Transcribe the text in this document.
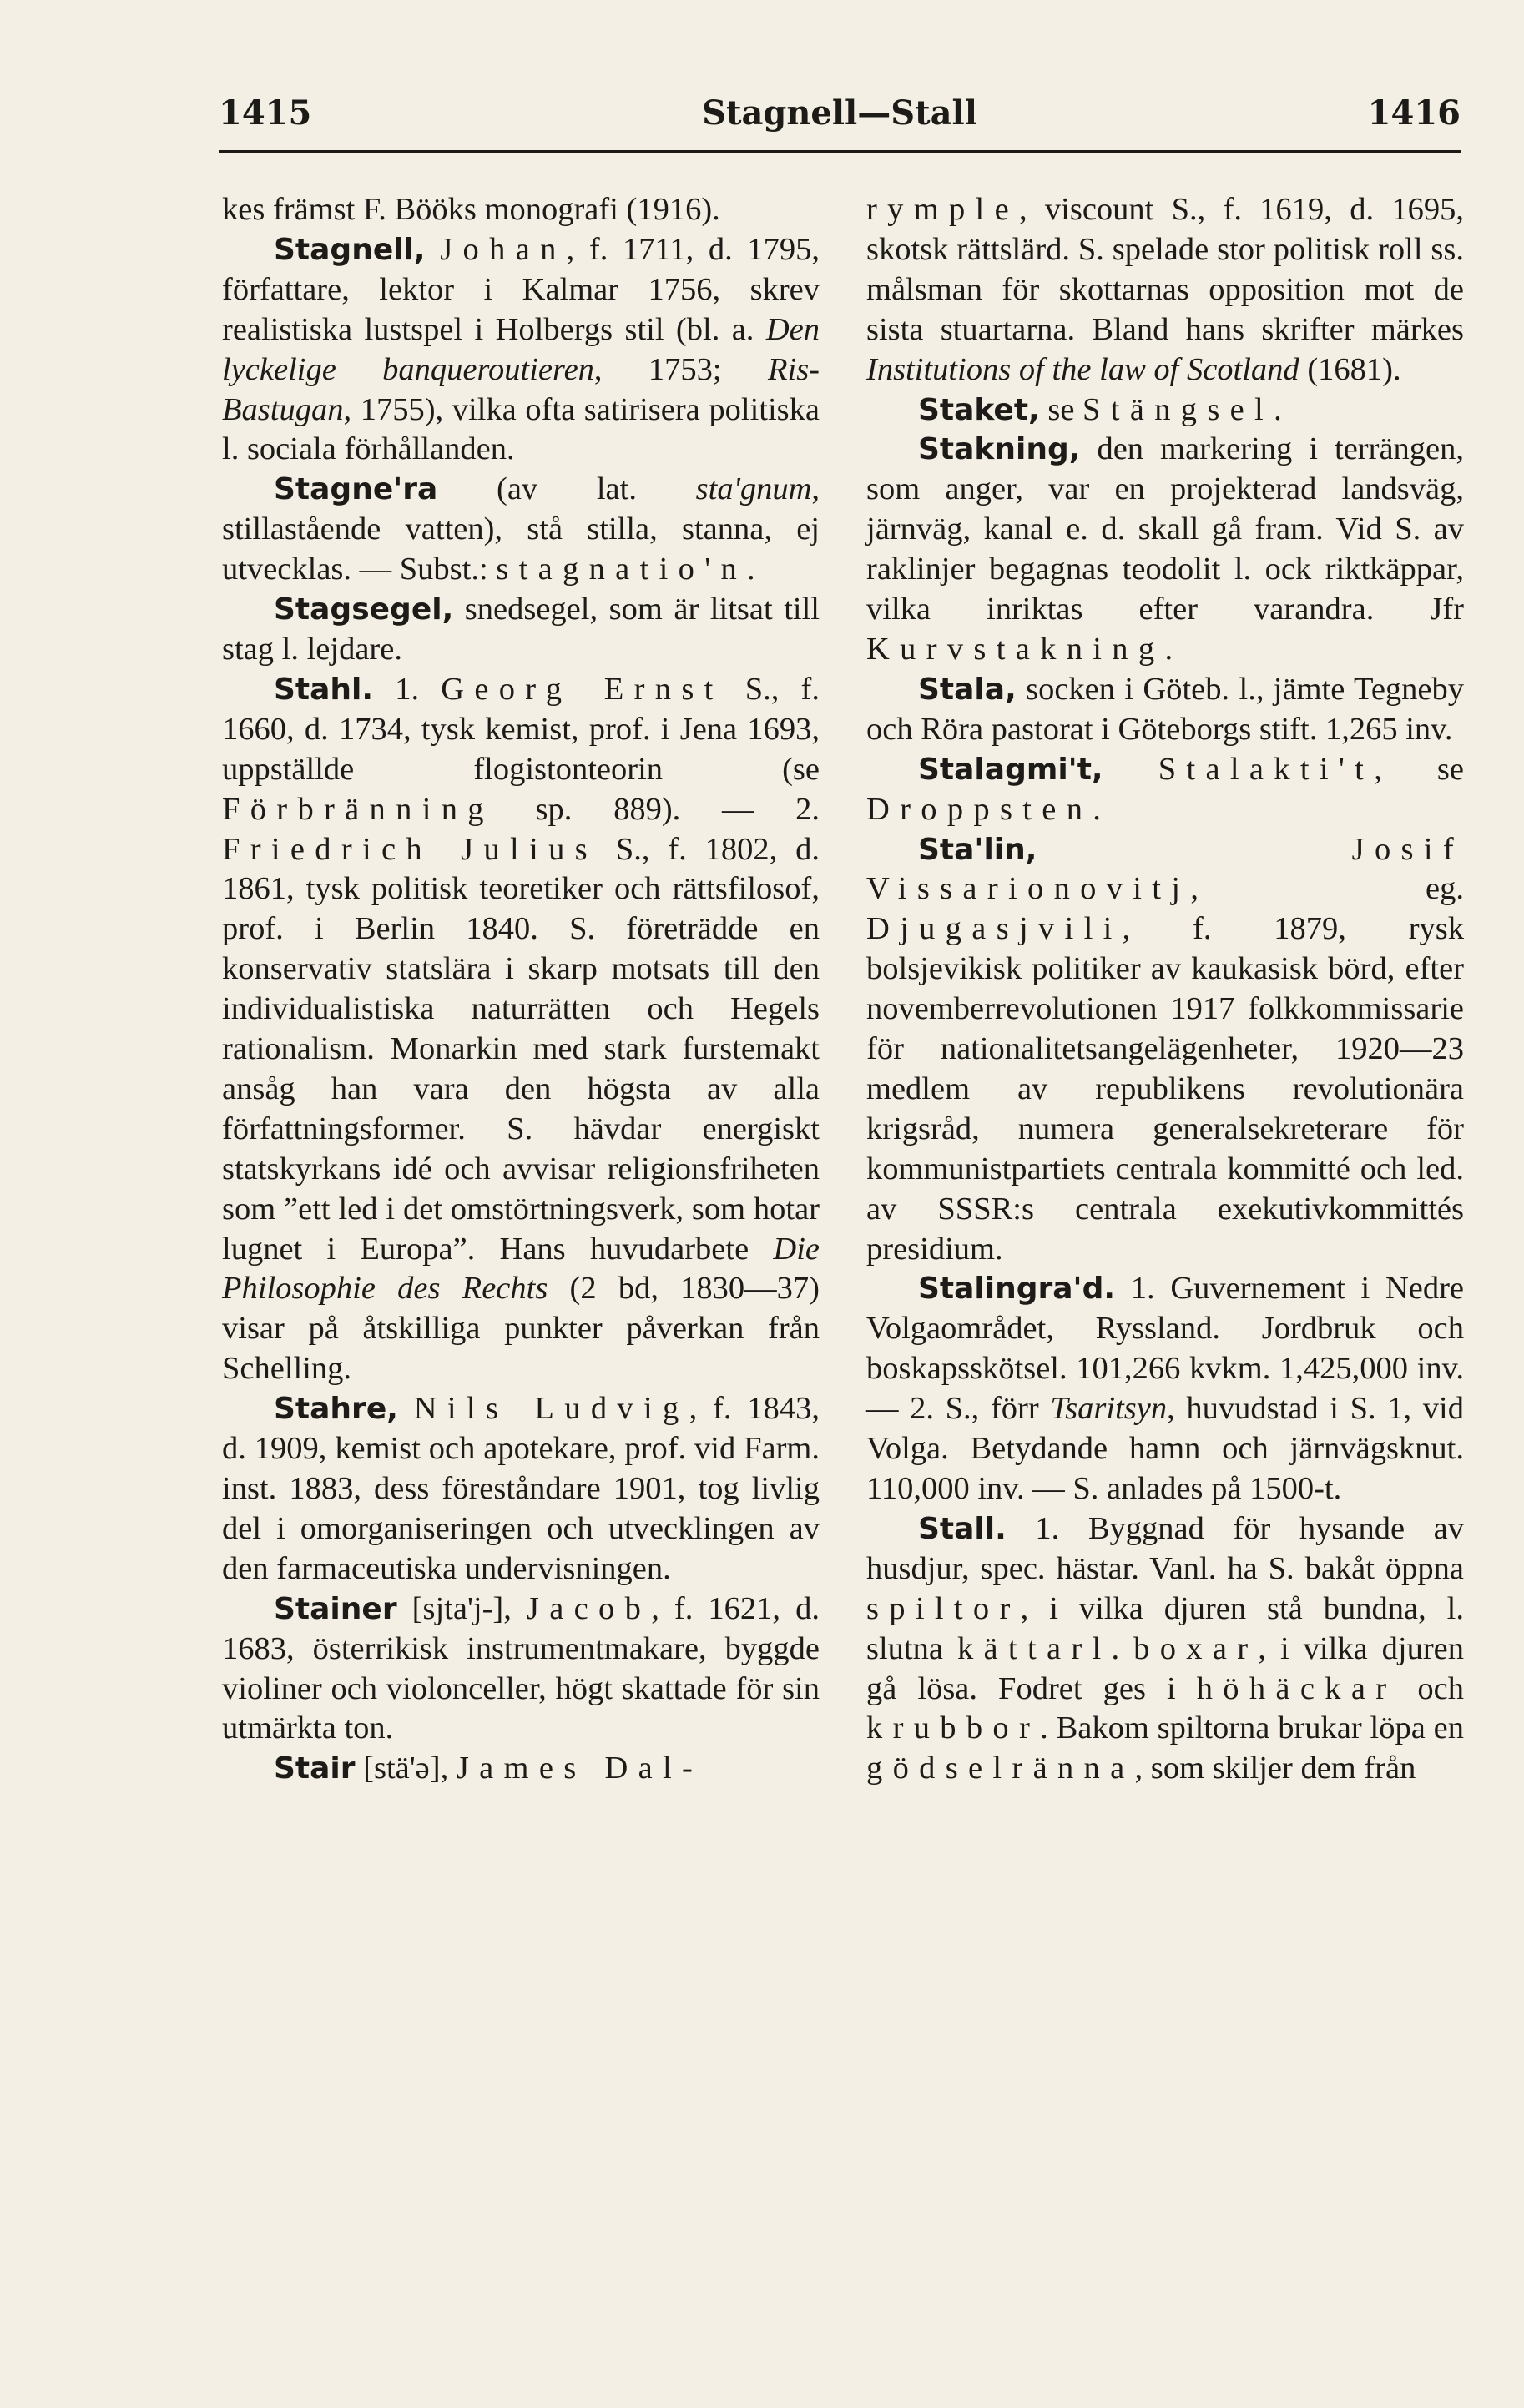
1415	Stagnell—Stall	1416

kes främst F. Bööks monografi (1916).

Stagnell, Johan, f. 1711, d. 1795, författare, lektor i Kalmar 1756, skrev realistiska lustspel i Holbergs stil (bl. a. Den lyckelige banqueroutieren, 1753; Ris-Bastugan, 1755), vilka ofta satirisera politiska l. sociala förhållanden.

Stagne'ra (av lat. sta'gnum, stillastående vatten), stå stilla, stanna, ej utvecklas. — Subst.: stagnatio'n.

Stagsegel, snedsegel, som är litsat till stag l. lejdare.

Stahl. 1. Georg Ernst S., f. 1660, d. 1734, tysk kemist, prof. i Jena 1693, uppställde flogistonteorin (se Förbränning sp. 889). — 2. Friedrich Julius S., f. 1802, d. 1861, tysk politisk teoretiker och rättsfilosof, prof. i Berlin 1840. S. företrädde en konservativ statslära i skarp motsats till den individualistiska naturrätten och Hegels rationalism. Monarkin med stark furstemakt ansåg han vara den högsta av alla författningsformer. S. hävdar energiskt statskyrkans idé och avvisar religionsfriheten som ”ett led i det omstörtningsverk, som hotar lugnet i Europa”. Hans huvudarbete Die Philosophie des Rechts (2 bd, 1830—37) visar på åtskilliga punkter påverkan från Schelling.

Stahre, Nils Ludvig, f. 1843, d. 1909, kemist och apotekare, prof. vid Farm. inst. 1883, dess föreståndare 1901, tog livlig del i omorganiseringen och utvecklingen av den farmaceutiska undervisningen.

Stainer [sjta'j-], Jacob, f. 1621, d. 1683, österrikisk instrumentmakare, byggde violiner och violonceller, högt skattade för sin utmärkta ton.

Stair [stä'ə], James Dal-

rymple, viscount S., f. 1619, d. 1695, skotsk rättslärd. S. spelade stor politisk roll ss. målsman för skottarnas opposition mot de sista stuartarna. Bland hans skrifter märkes Institutions of the law of Scotland (1681).

Staket, se Stängsel.

Stakning, den markering i terrängen, som anger, var en projekterad landsväg, järnväg, kanal e. d. skall gå fram. Vid S. av raklinjer begagnas teodolit l. ock riktkäppar, vilka inriktas efter varandra. Jfr Kurvstakning.

Stala, socken i Göteb. l., jämte Tegneby och Röra pastorat i Göteborgs stift. 1,265 inv.

Stalagmi't, Stalakti't, se Droppsten.

Sta'lin,	Josif Vissarionovitj, eg. Djugasjvili, f. 1879, rysk bolsjevikisk politiker av kaukasisk börd, efter novemberrevolutionen 1917 folkkommissarie för nationalitetsangelägenheter, 1920—23 medlem av republikens revolutionära krigsråd, numera generalsekreterare för kommunistpartiets centrala kommitté och led. av SSSR:s centrala exekutivkommittés presidium.

Stalingra'd. 1. Guvernement i Nedre Volgaområdet, Ryssland. Jordbruk och boskapsskötsel. 101,266 kvkm. 1,425,000 inv. — 2. S., förr Tsaritsyn, huvudstad i S. 1, vid Volga. Betydande hamn och järnvägsknut. 110,000 inv. — S. anlades på 1500-t.

Stall. 1. Byggnad för hysande av husdjur, spec. hästar. Vanl. ha S. bakåt öppna spiltor, i vilka djuren stå bundna, l. slutna kättarl. boxar, i vilka djuren gå lösa. Fodret ges i höhäckar och krubbor. Bakom spiltorna brukar löpa en gödselränna, som skiljer dem från
